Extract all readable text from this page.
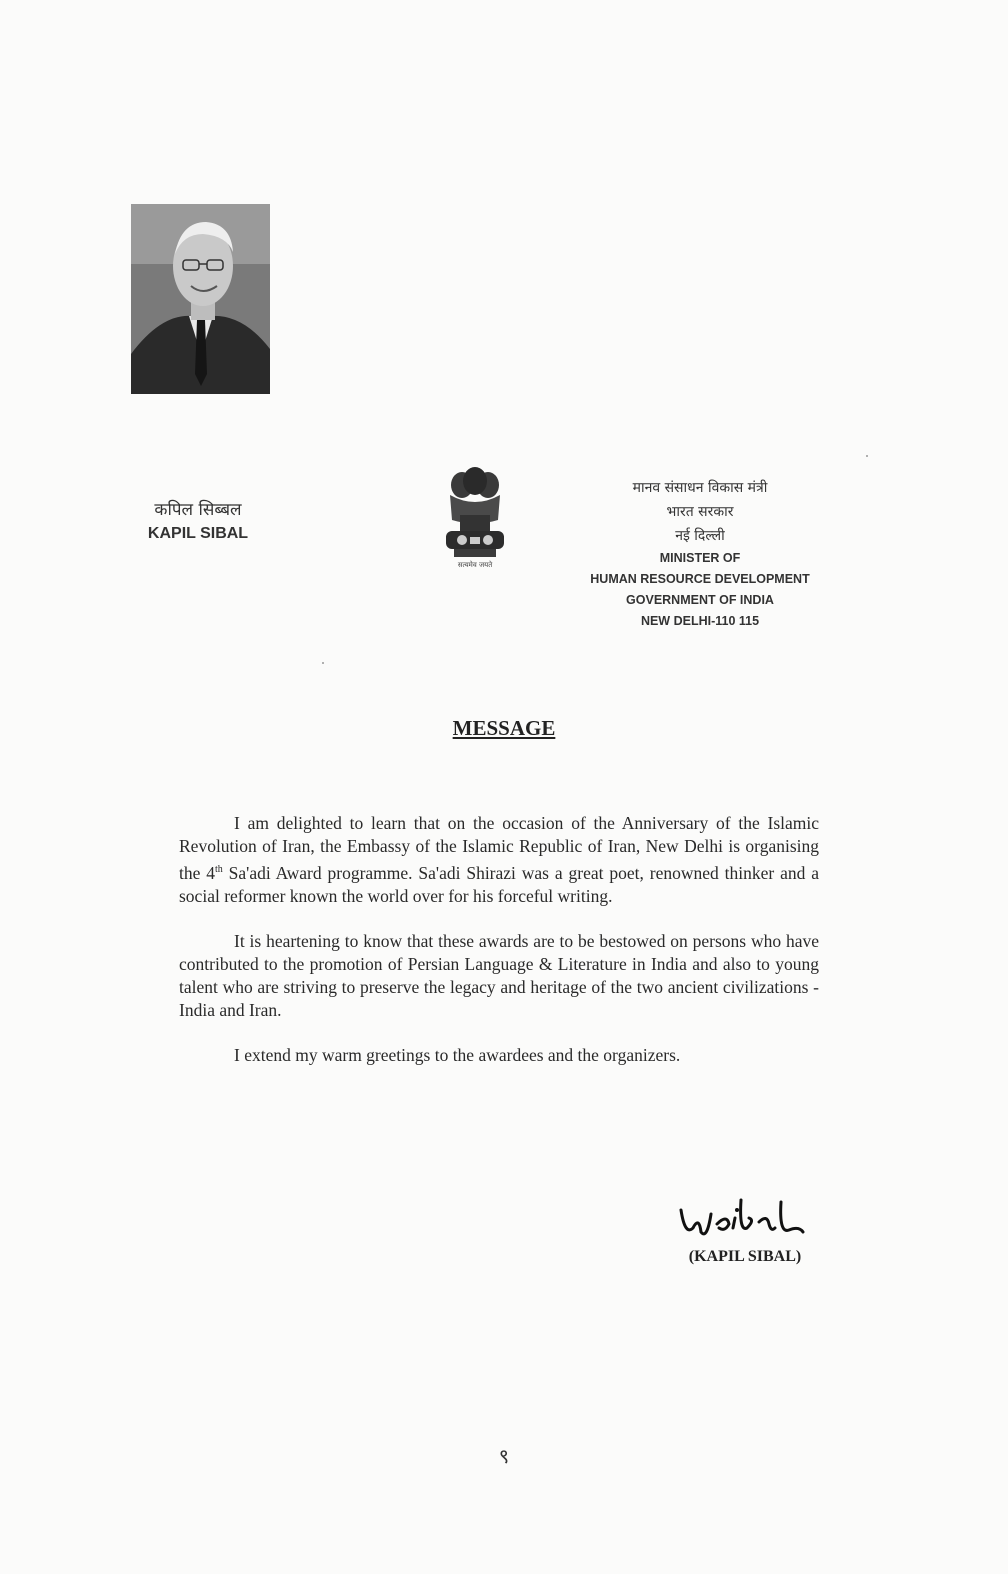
कपिल सिब्बल
KAPIL SIBAL
सत्यमेव जयते
मानव संसाधन विकास मंत्री
भारत सरकार
नई दिल्ली
MINISTER OF
HUMAN RESOURCE DEVELOPMENT
GOVERNMENT OF INDIA
NEW DELHI-110 115
MESSAGE

I am delighted to learn that on the occasion of the Anniversary of the Islamic Revolution of Iran, the Embassy of the Islamic Republic of Iran, New Delhi is organising the 4th Sa'adi Award programme. Sa'adi Shirazi was a great poet, renowned thinker and a social reformer known the world over for his forceful writing.

It is heartening to know that these awards are to be bestowed on persons who have contributed to the promotion of Persian Language & Literature in India and also to young talent who are striving to preserve the legacy and heritage of the two ancient civilizations - India and Iran.

I extend my warm greetings to the awardees and the organizers.

(KAPIL SIBAL)
९
